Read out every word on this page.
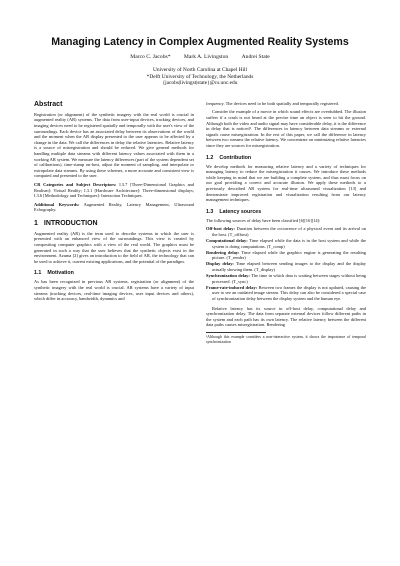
Managing Latency in Complex Augmented Reality Systems
Marco C. Jacobs* Mark A. Livingston Andrei State
University of North Carolina at Chapel Hill
*Delft University of Technology, the Netherlands
{jacobs|livingst|state}@cs.unc.edu
Abstract

Registration (or alignment) of the synthetic imagery with the real world is crucial in augmented reality (AR) systems. The data from user-input devices, tracking devices, and imaging devices need to be registered spatially and temporally with the user's view of the surroundings. Each device has an associated delay between its observations of the world and the moment when the AR display presented to the user appears to be affected by a change in the data. We call the differences in delay the relative latencies. Relative latency is a source of misregistration and should be reduced. We give general methods for handling multiple data streams with different latency values associated with them in a working AR system. We measure the latency differences (part of the system dependent set of calibrations), time-stamp on-host, adjust the moment of sampling, and interpolate or extrapolate data streams. By using these schemes, a more accurate and consistent view is computed and presented to the user.

CR Categories and Subject Descriptors: I.3.7 [Three-Dimensional Graphics and Realism]: Virtual Reality; I.3.1 [Hardware Architecture]: Three-dimensional displays; I.3.6 [Methodology and Techniques]: Interaction Techniques.

Additional Keywords: Augmented Reality, Latency Management, Ultrasound Echography.

1 INTRODUCTION

Augmented reality (AR) is the term used to describe systems in which the user is presented with an enhanced view of the surroundings. This view is created by compositing computer graphics with a view of the real world. The graphics must be generated in such a way that the user believes that the synthetic objects exist in the environment. Azuma [2] gives an introduction to the field of AR, the technology that can be used to achieve it, current existing applications, and the potential of the paradigm.

1.1 Motivation

As has been recognized in previous AR systems, registration (or alignment) of the synthetic imagery with the real world is crucial. AR systems have a variety of input streams (tracking devices, real-time imaging devices, user input devices and others), which differ in accuracy, bandwidth, dynamics and

frequency. The devices need to be both spatially and temporally registered.

Consider the example of a movie in which sound effects are overdubbed. The illusion suffers if a crash is not heard at the precise time an object is seen to hit the ground. Although both the video and audio signal may have considerable delay, it is the difference in delay that is noticed¹. The differences in latency between data streams or external signals cause misregistration. In the rest of this paper, we call the difference in latency between two streams the relative latency. We concentrate on minimizing relative latencies since they are sources for misregistration.

1.2 Contribution

We develop methods for measuring relative latency and a variety of techniques for managing latency to reduce the misregistration it causes. We introduce these methods while keeping in mind that we are building a complete system, and thus must focus on our goal providing a correct and accurate illusion. We apply these methods to a previously described AR system for real-time ultrasound visualization [13] and demonstrate improved registration and visualization resulting from our latency management techniques.

1.3 Latency sources

The following sources of delay have been classified [6][16][14]:

Off-host delay: Duration between the occurrence of a physical event and its arrival on the host. (T_offhost)
Computational delay: Time elapsed while the data is in the host system and while the system is doing computations. (T_comp)
Rendering delay: Time elapsed while the graphics engine is generating the resulting picture. (T_render)
Display delay: Time elapsed between sending images to the display and the display actually showing them. (T_display)
Synchronization delay: The time in which data is waiting between stages without being processed. (T_sync)
Frame-rate-induced delay: Between two frames the display is not updated, causing the user to see an outdated image stream. This delay can also be considered a special case of synchronization delay between the display system and the human eye.

Relative latency has its source in off-host delay, computational delay and synchronization delay. The data from separate external devices follow different paths in the system and each path has its own latency. The relative latency between the different data paths causes misregistration. Rendering

¹Although this example considers a non-interactive system, it shows the importance of temporal synchronization
